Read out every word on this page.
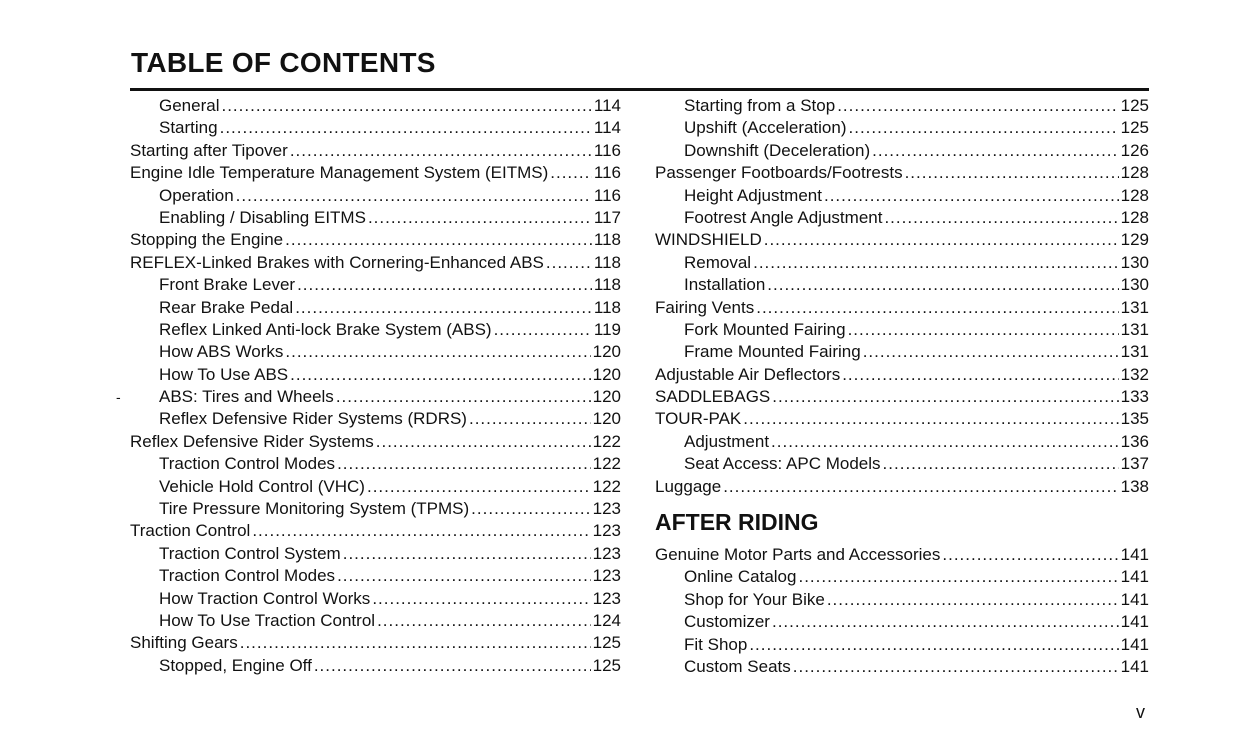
TABLE OF CONTENTS
General .....	114
Starting .....	114
Starting after Tipover .....	116
Engine Idle Temperature Management System (EITMS) .....	116
Operation .....	116
Enabling / Disabling EITMS .....	117
Stopping the Engine .....	118
REFLEX-Linked Brakes with Cornering-Enhanced ABS .....	118
Front Brake Lever .....	118
Rear Brake Pedal .....	118
Reflex Linked Anti-lock Brake System (ABS) .....	119
How ABS Works .....	120
How To Use ABS .....	120
- ABS: Tires and Wheels .....	120
Reflex Defensive Rider Systems (RDRS) .....	120
Reflex Defensive Rider Systems .....	122
Traction Control Modes .....	122
Vehicle Hold Control (VHC) .....	122
Tire Pressure Monitoring System (TPMS) .....	123
Traction Control .....	123
Traction Control System .....	123
Traction Control Modes .....	123
How Traction Control Works .....	123
How To Use Traction Control .....	124
Shifting Gears .....	125
Stopped, Engine Off .....	125
Starting from a Stop .....	125
Upshift (Acceleration) .....	125
Downshift (Deceleration) .....	126
Passenger Footboards/Footrests .....	128
Height Adjustment .....	128
Footrest Angle Adjustment .....	128
WINDSHIELD .....	129
Removal .....	130
Installation .....	130
Fairing Vents .....	131
Fork Mounted Fairing .....	131
Frame Mounted Fairing .....	131
Adjustable Air Deflectors .....	132
SADDLEBAGS .....	133
TOUR-PAK .....	135
Adjustment .....	136
Seat Access: APC Models .....	137
Luggage .....	138
AFTER RIDING
Genuine Motor Parts and Accessories .....	141
Online Catalog .....	141
Shop for Your Bike .....	141
Customizer .....	141
Fit Shop .....	141
Custom Seats .....	141
v
